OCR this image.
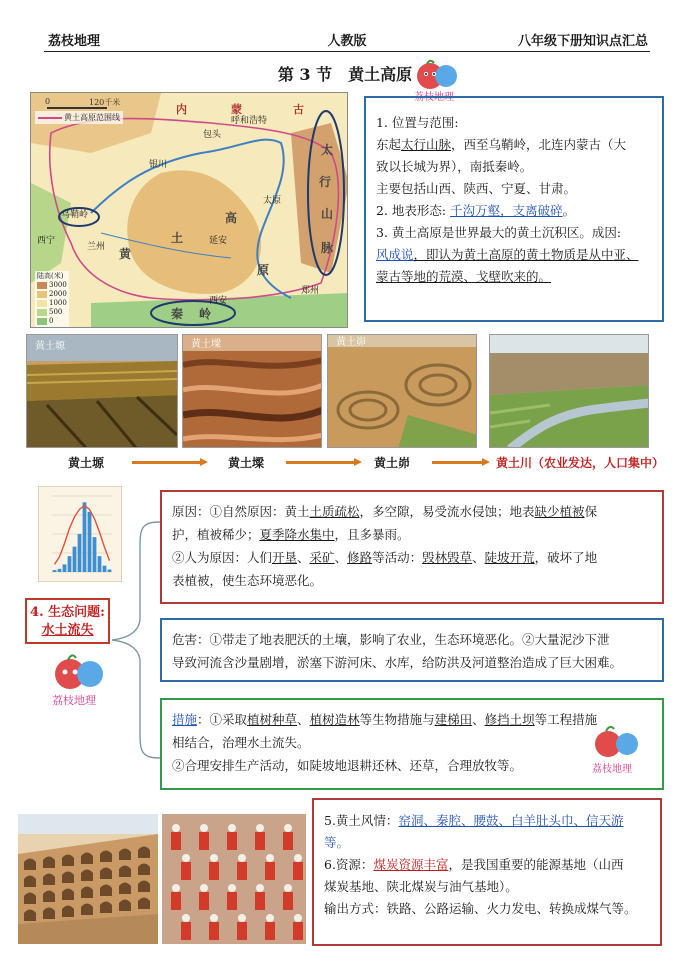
荔枝地理	人教版	八年级下册知识点汇总
第 3 节　黄土高原
荔枝地理
0	120千米
黄土高原范围线
陆高(米)
3000
2000
1000
500
0
内	蒙	古
呼和浩特
包头
银川
太原
延安
西宁
兰州
乌鞘岭
西安
郑州
黄
土
高
原
太
行
山
脉
秦 岭

1. 位置与范围:

东起太行山脉，西至乌鞘岭，北连内蒙古（大

致以长城为界），南抵秦岭。

主要包括山西、陕西、宁夏、甘肃。

2. 地表形态: 千沟万壑，支离破碎。

3. 黄土高原是世界最大的黄土沉积区。成因:

风成说，即认为黄土高原的黄土物质是从中亚、

蒙古等地的荒漠、戈壁吹来的。

黄土塬	黄土墚	黄土峁
黄土塬	黄土墚	黄土峁	黄土川（农业发达，人口集中）
4. 生态问题:
水土流失
荔枝地理

原因：①自然原因：黄土土质疏松，多空隙，易受流水侵蚀；地表缺少植被保

护，植被稀少；夏季降水集中，且多暴雨。

②人为原因：人们开垦、采矿、修路等活动：毁林毁草、陡坡开荒，破坏了地

表植被，使生态环境恶化。

危害：①带走了地表肥沃的土壤，影响了农业，生态环境恶化。②大量泥沙下泄

导致河流含沙量剧增，淤塞下游河床、水库，给防洪及河道整治造成了巨大困难。

措施：①采取植树种草、植树造林等生物措施与建梯田、修挡土坝等工程措施

相结合，治理水土流失。

②合理安排生产活动，如陡坡地退耕还林、还草，合理放牧等。	荔枝地理

5.黄土风情：窑洞、秦腔、腰鼓、白羊肚头巾、信天游

等。

6.资源：煤炭资源丰富，是我国重要的能源基地（山西

煤炭基地、陕北煤炭与油气基地）。

输出方式：铁路、公路运输、火力发电、转换成煤气等。
